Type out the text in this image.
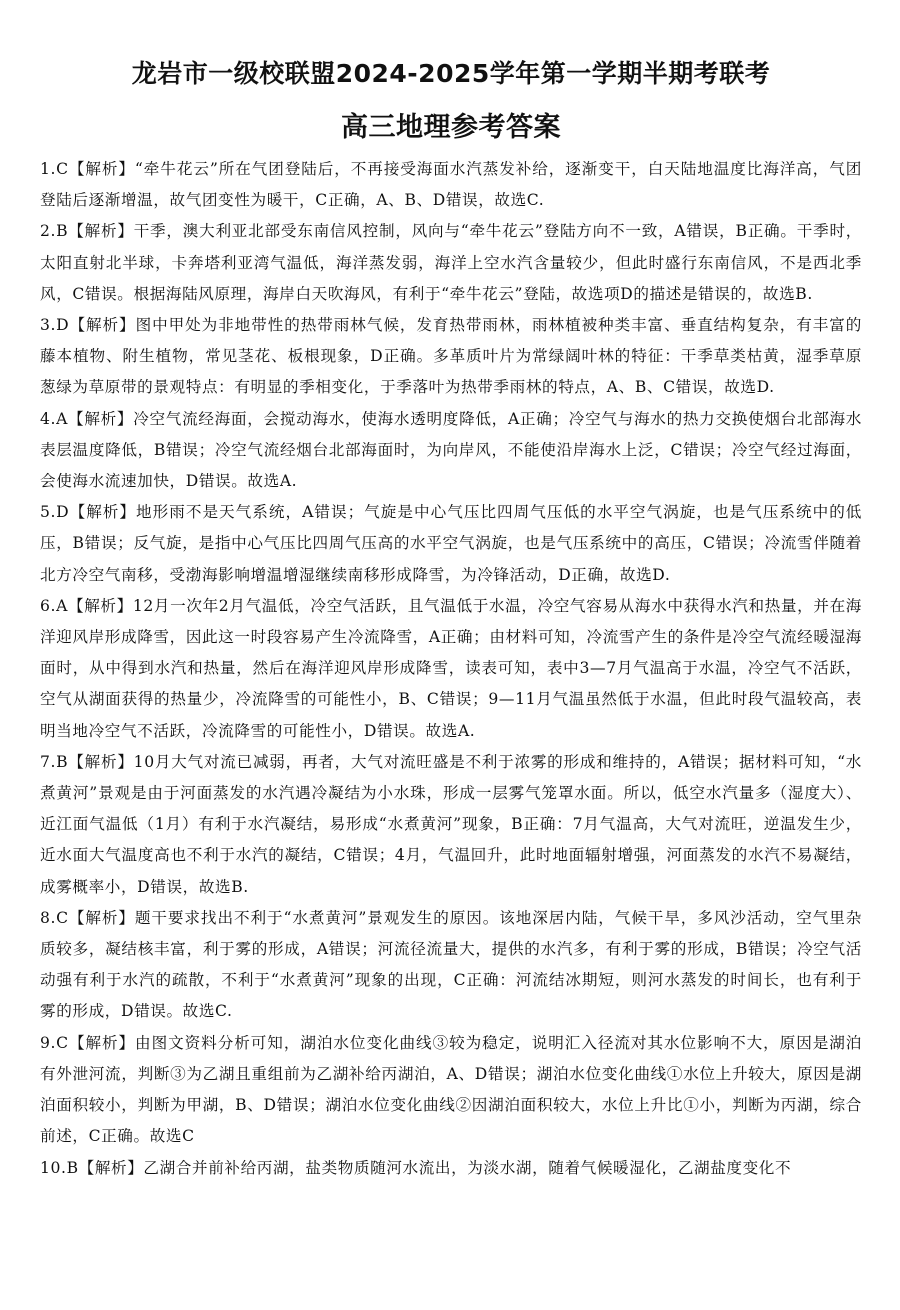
龙岩市一级校联盟2024-2025学年第一学期半期考联考
高三地理参考答案

1.C【解析】“牵牛花云”所在气团登陆后，不再接受海面水汽蒸发补给，逐渐变干，白天陆地温度比海洋高，气团登陆后逐渐增温，故气团变性为暖干，C正确，A、B、D错误，故选C.

2.B【解析】干季，澳大利亚北部受东南信风控制，风向与“牵牛花云”登陆方向不一致，A错误，B正确。干季时，太阳直射北半球，卡奔塔利亚湾气温低，海洋蒸发弱，海洋上空水汽含量较少，但此时盛行东南信风，不是西北季风，C错误。根据海陆风原理，海岸白天吹海风，有利于“牵牛花云”登陆，故选项D的描述是错误的，故选B.

3.D【解析】图中甲处为非地带性的热带雨林气候，发育热带雨林，雨林植被种类丰富、垂直结构复杂，有丰富的藤本植物、附生植物，常见茎花、板根现象，D正确。多革质叶片为常绿阔叶林的特征：干季草类枯黄，湿季草原葱绿为草原带的景观特点：有明显的季相变化，于季落叶为热带季雨林的特点，A、B、C错误，故选D.

4.A【解析】冷空气流经海面，会搅动海水，使海水透明度降低，A正确；冷空气与海水的热力交换使烟台北部海水表层温度降低，B错误；冷空气流经烟台北部海面时，为向岸风，不能使沿岸海水上泛，C错误；冷空气经过海面，会使海水流速加快，D错误。故选A.

5.D【解析】地形雨不是天气系统，A错误；气旋是中心气压比四周气压低的水平空气涡旋，也是气压系统中的低压，B错误；反气旋，是指中心气压比四周气压高的水平空气涡旋，也是气压系统中的高压，C错误；冷流雪伴随着北方冷空气南移，受渤海影响增温增湿继续南移形成降雪，为冷锋活动，D正确，故选D.

6.A【解析】12月一次年2月气温低，冷空气活跃，且气温低于水温，冷空气容易从海水中获得水汽和热量，并在海洋迎风岸形成降雪，因此这一时段容易产生冷流降雪，A正确；由材料可知，冷流雪产生的条件是冷空气流经暖湿海面时，从中得到水汽和热量，然后在海洋迎风岸形成降雪，读表可知，表中3—7月气温高于水温，冷空气不活跃，空气从湖面获得的热量少，冷流降雪的可能性小，B、C错误；9—11月气温虽然低于水温，但此时段气温较高，表明当地冷空气不活跃，冷流降雪的可能性小，D错误。故选A.

7.B【解析】10月大气对流已减弱，再者，大气对流旺盛是不利于浓雾的形成和维持的，A错误；据材料可知，“水煮黄河”景观是由于河面蒸发的水汽遇冷凝结为小水珠，形成一层雾气笼罩水面。所以，低空水汽量多（湿度大）、近江面气温低（1月）有利于水汽凝结，易形成“水煮黄河”现象，B正确：7月气温高，大气对流旺，逆温发生少，近水面大气温度高也不利于水汽的凝结，C错误；4月，气温回升，此时地面辐射增强，河面蒸发的水汽不易凝结，成雾概率小，D错误，故选B.

8.C【解析】题干要求找出不利于“水煮黄河”景观发生的原因。该地深居内陆，气候干旱，多风沙活动，空气里杂质较多，凝结核丰富，利于雾的形成，A错误；河流径流量大，提供的水汽多，有利于雾的形成，B错误；冷空气活动强有利于水汽的疏散，不利于“水煮黄河”现象的出现，C正确：河流结冰期短，则河水蒸发的时间长，也有利于雾的形成，D错误。故选C.

9.C【解析】由图文资料分析可知，湖泊水位变化曲线③较为稳定，说明汇入径流对其水位影响不大，原因是湖泊有外泄河流，判断③为乙湖且重组前为乙湖补给丙湖泊，A、D错误；湖泊水位变化曲线①水位上升较大，原因是湖泊面积较小，判断为甲湖，B、D错误；湖泊水位变化曲线②因湖泊面积较大，水位上升比①小，判断为丙湖，综合前述，C正确。故选C

10.B【解析】乙湖合并前补给丙湖，盐类物质随河水流出，为淡水湖，随着气候暖湿化，乙湖盐度变化不
